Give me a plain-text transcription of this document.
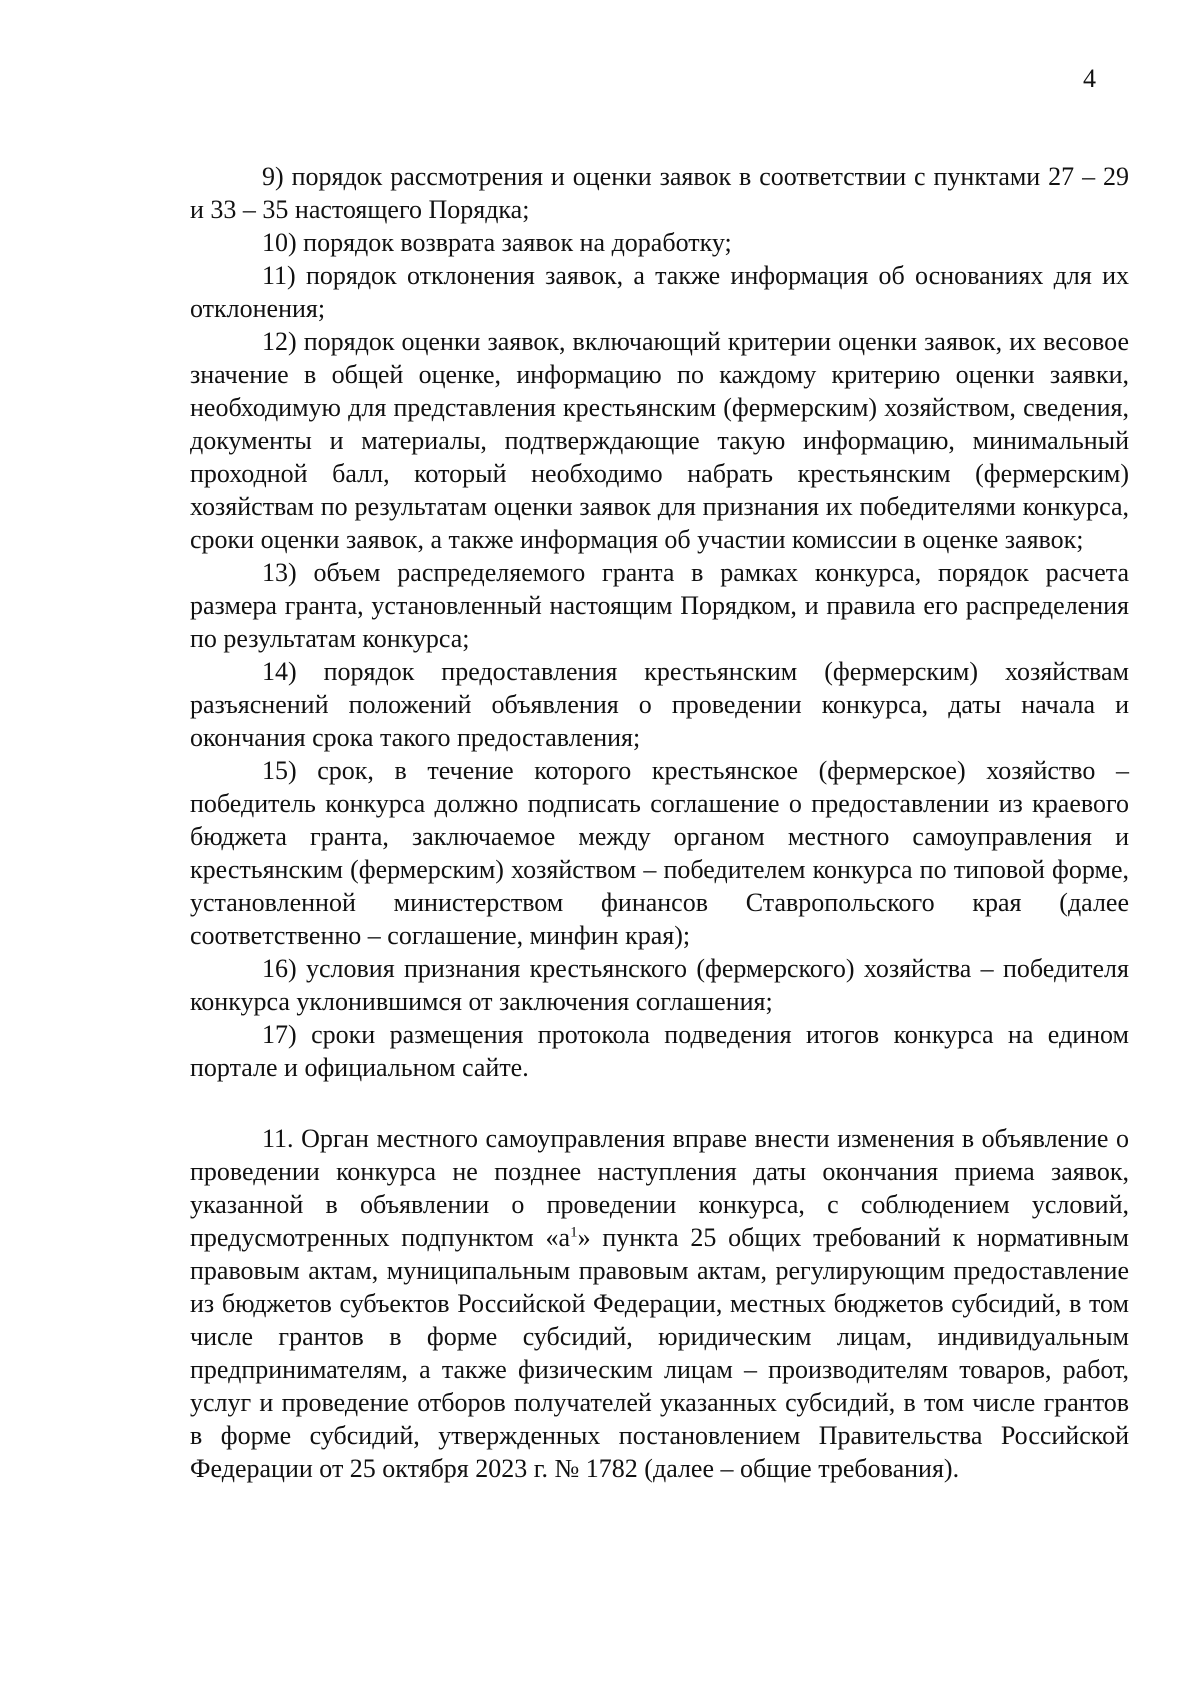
4

9) порядок рассмотрения и оценки заявок в соответствии с пунктами 27 – 29 и 33 – 35 настоящего Порядка;

10) порядок возврата заявок на доработку;

11) порядок отклонения заявок, а также информация об основаниях для их отклонения;

12) порядок оценки заявок, включающий критерии оценки заявок, их весовое значение в общей оценке, информацию по каждому критерию оценки заявки, необходимую для представления крестьянским (фермерским) хозяйством, сведения, документы и материалы, подтверждающие такую информацию, минимальный проходной балл, который необходимо набрать крестьянским (фермерским) хозяйствам по результатам оценки заявок для признания их победителями конкурса, сроки оценки заявок, а также информация об участии комиссии в оценке заявок;

13) объем распределяемого гранта в рамках конкурса, порядок расчета размера гранта, установленный настоящим Порядком, и правила его распределения по результатам конкурса;

14) порядок предоставления крестьянским (фермерским) хозяйствам разъяснений положений объявления о проведении конкурса, даты начала и окончания срока такого предоставления;

15) срок, в течение которого крестьянское (фермерское) хозяйство – победитель конкурса должно подписать соглашение о предоставлении из краевого бюджета гранта, заключаемое между органом местного самоуправления и крестьянским (фермерским) хозяйством – победителем конкурса по типовой форме, установленной министерством финансов Ставропольского края (далее соответственно – соглашение, минфин края);

16) условия признания крестьянского (фермерского) хозяйства – победителя конкурса уклонившимся от заключения соглашения;

17) сроки размещения протокола подведения итогов конкурса на едином портале и официальном сайте.

11. Орган местного самоуправления вправе внести изменения в объявление о проведении конкурса не позднее наступления даты окончания приема заявок, указанной в объявлении о проведении конкурса, с соблюдением условий, предусмотренных подпунктом «$а^1$» пункта 25 общих требований к нормативным правовым актам, муниципальным правовым актам, регулирующим предоставление из бюджетов субъектов Российской Федерации, местных бюджетов субсидий, в том числе грантов в форме субсидий, юридическим лицам, индивидуальным предпринимателям, а также физическим лицам – производителям товаров, работ, услуг и проведение отборов получателей указанных субсидий, в том числе грантов в форме субсидий, утвержденных постановлением Правительства Российской Федерации от 25 октября 2023 г. № 1782 (далее – общие требования).
